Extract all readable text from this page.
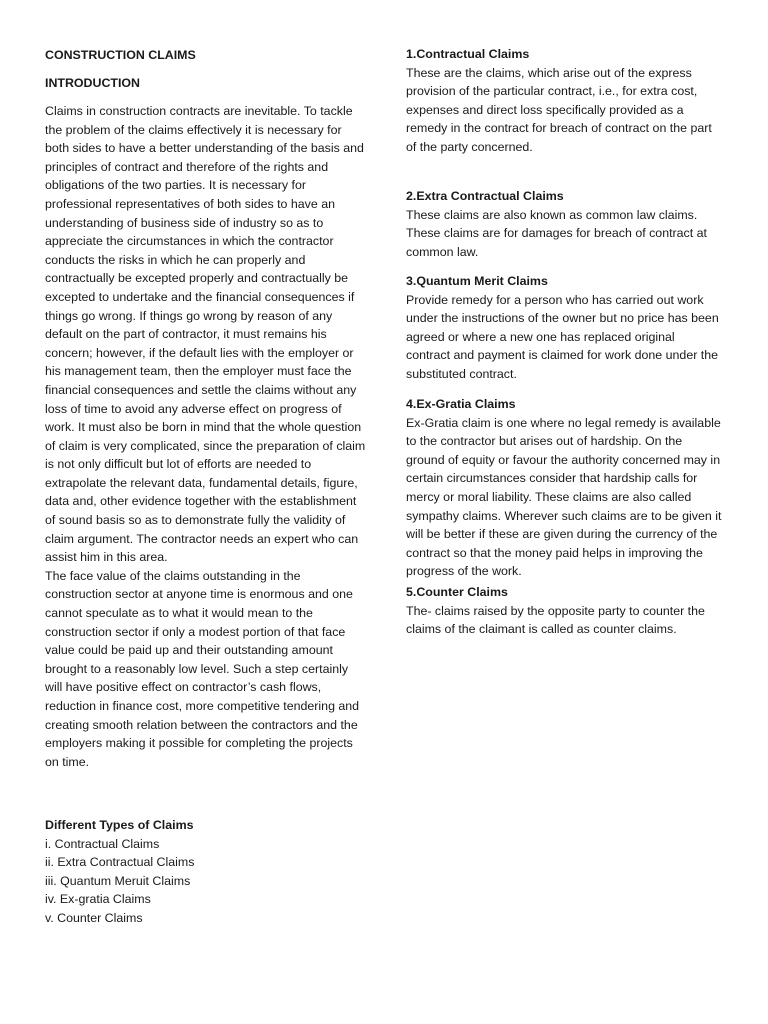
CONSTRUCTION CLAIMS

INTRODUCTION

Claims in construction contracts are inevitable. To tackle the problem of the claims effectively it is necessary for both sides to have a better understanding of the basis and principles of contract and therefore of the rights and obligations of the two parties. It is necessary for professional representatives of both sides to have an understanding of business side of industry so as to appreciate the circumstances in which the contractor conducts the risks in which he can properly and contractually be excepted properly and contractually be excepted to undertake and the financial consequences if things go wrong. If things go wrong by reason of any default on the part of contractor, it must remains his concern; however, if the default lies with the employer or his management team, then the employer must face the financial consequences and settle the claims without any loss of time to avoid any adverse effect on progress of work. It must also be born in mind that the whole question of claim is very complicated, since the preparation of claim is not only difficult but lot of efforts are needed to extrapolate the relevant data, fundamental details, figure, data and, other evidence together with the establishment of sound basis so as to demonstrate fully the validity of claim argument. The contractor needs an expert who can assist him in this area.

The face value of the claims outstanding in the construction sector at anyone time is enormous and one cannot speculate as to what it would mean to the construction sector if only a modest portion of that face value could be paid up and their outstanding amount brought to a reasonably low level. Such a step certainly will have positive effect on contractor’s cash flows, reduction in finance cost, more competitive tendering and creating smooth relation between the contractors and the employers making it possible for completing the projects on time.

Different Types of Claims

i. Contractual Claims
ii. Extra Contractual Claims
iii. Quantum Meruit Claims
iv. Ex-gratia Claims
v. Counter Claims

1.Contractual Claims

These are the claims, which arise out of the express provision of the particular contract, i.e., for extra cost, expenses and direct loss specifically provided as a remedy in the contract for breach of contract on the part of the party concerned.

2.Extra Contractual Claims

These claims are also known as common law claims. These claims are for damages for breach of contract at common law.

3.Quantum Merit Claims

Provide remedy for a person who has carried out work under the instructions of the owner but no price has been agreed or where a new one has replaced original contract and payment is claimed for work done under the substituted contract.

4.Ex-Gratia Claims

Ex-Gratia claim is one where no legal remedy is available to the contractor but arises out of hardship. On the ground of equity or favour the authority concerned may in certain circumstances consider that hardship calls for mercy or moral liability. These claims are also called sympathy claims. Wherever such claims are to be given it will be better if these are given during the currency of the contract so that the money paid helps in improving the progress of the work.

5.Counter Claims

The- claims raised by the opposite party to counter the claims of the claimant is called as counter claims.
